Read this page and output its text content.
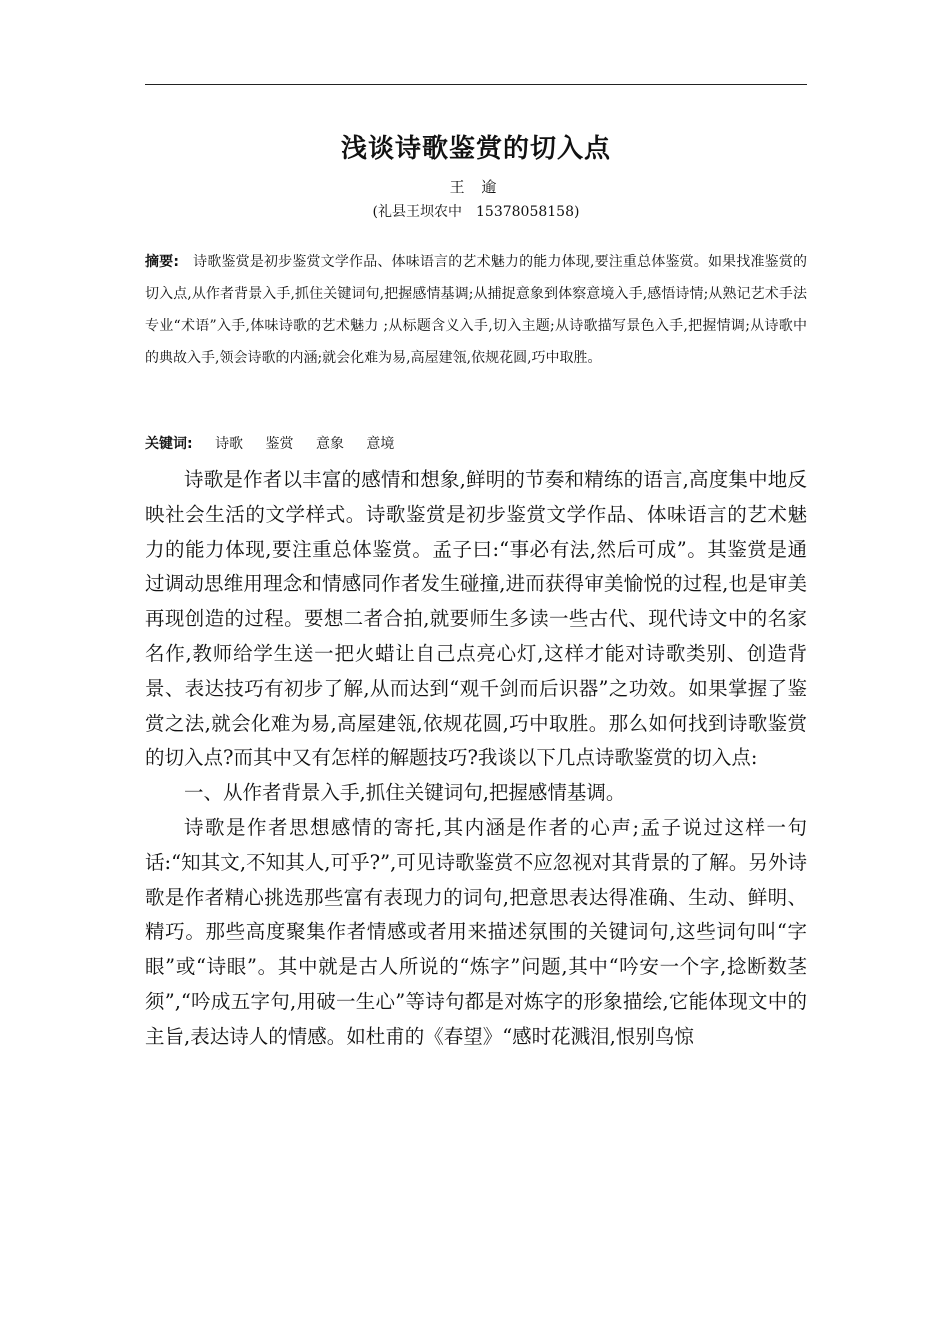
浅谈诗歌鉴赏的切入点
王 逾
(礼县王坝农中　15378058158)
摘要: 诗歌鉴赏是初步鉴赏文学作品、体味语言的艺术魅力的能力体现,要注重总体鉴赏。如果找准鉴赏的切入点,从作者背景入手,抓住关键词句,把握感情基调;从捕捉意象到体察意境入手,感悟诗情;从熟记艺术手法专业“术语”入手,体味诗歌的艺术魅力 ;从标题含义入手,切入主题;从诗歌描写景色入手,把握情调;从诗歌中的典故入手,领会诗歌的内涵;就会化难为易,高屋建瓴,依规花圆,巧中取胜。
关键词: 诗歌 鉴赏 意象 意境

诗歌是作者以丰富的感情和想象,鲜明的节奏和精练的语言,高度集中地反映社会生活的文学样式。诗歌鉴赏是初步鉴赏文学作品、体味语言的艺术魅力的能力体现,要注重总体鉴赏。孟子曰:“事必有法,然后可成”。其鉴赏是通过调动思维用理念和情感同作者发生碰撞,进而获得审美愉悦的过程,也是审美再现创造的过程。要想二者合拍,就要师生多读一些古代、现代诗文中的名家名作,教师给学生送一把火蜡让自己点亮心灯,这样才能对诗歌类别、创造背景、表达技巧有初步了解,从而达到“观千剑而后识器”之功效。如果掌握了鉴赏之法,就会化难为易,高屋建瓴,依规花圆,巧中取胜。那么如何找到诗歌鉴赏的切入点?而其中又有怎样的解题技巧?我谈以下几点诗歌鉴赏的切入点:

一、从作者背景入手,抓住关键词句,把握感情基调。

诗歌是作者思想感情的寄托,其内涵是作者的心声;孟子说过这样一句话:“知其文,不知其人,可乎?”,可见诗歌鉴赏不应忽视对其背景的了解。另外诗歌是作者精心挑选那些富有表现力的词句,把意思表达得准确、生动、鲜明、精巧。那些高度聚集作者情感或者用来描述氛围的关键词句,这些词句叫“字眼”或“诗眼”。其中就是古人所说的“炼字”问题,其中“吟安一个字,捻断数茎须”,“吟成五字句,用破一生心”等诗句都是对炼字的形象描绘,它能体现文中的主旨,表达诗人的情感。如杜甫的《春望》“感时花溅泪,恨别鸟惊
